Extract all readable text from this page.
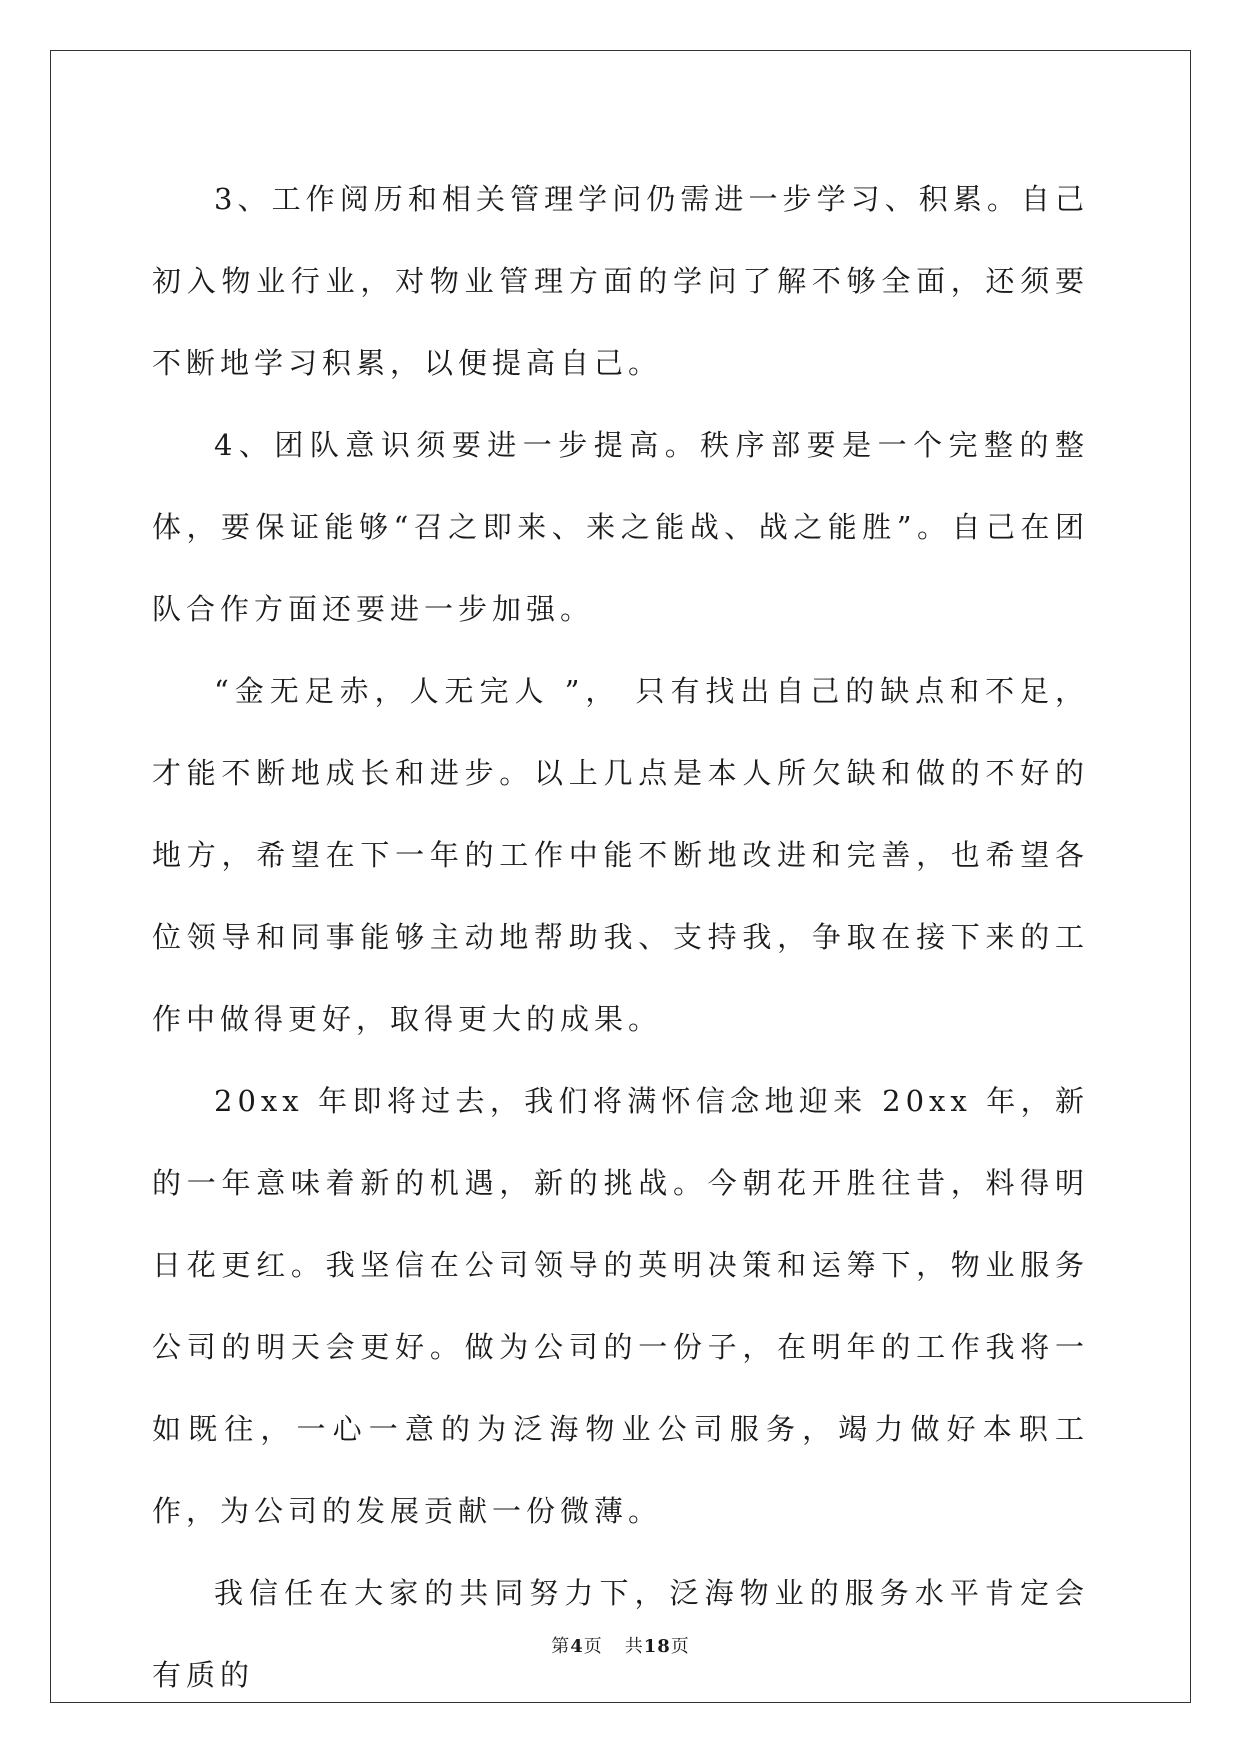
3、工作阅历和相关管理学问仍需进一步学习、积累。自己初入物业行业，对物业管理方面的学问了解不够全面，还须要不断地学习积累，以便提高自己。

4、团队意识须要进一步提高。秩序部要是一个完整的整体，要保证能够“召之即来、来之能战、战之能胜”。自己在团队合作方面还要进一步加强。

“金无足赤，人无完人 ”， 只有找出自己的缺点和不足，才能不断地成长和进步。以上几点是本人所欠缺和做的不好的地方，希望在下一年的工作中能不断地改进和完善，也希望各位领导和同事能够主动地帮助我、支持我，争取在接下来的工作中做得更好，取得更大的成果。

20xx 年即将过去，我们将满怀信念地迎来 20xx 年，新的一年意味着新的机遇，新的挑战。今朝花开胜往昔，料得明日花更红。我坚信在公司领导的英明决策和运筹下，物业服务公司的明天会更好。做为公司的一份子，在明年的工作我将一如既往，一心一意的为泛海物业公司服务，竭力做好本职工作，为公司的发展贡献一份微薄。

我信任在大家的共同努力下，泛海物业的服务水平肯定会有质的

第4页 共18页
